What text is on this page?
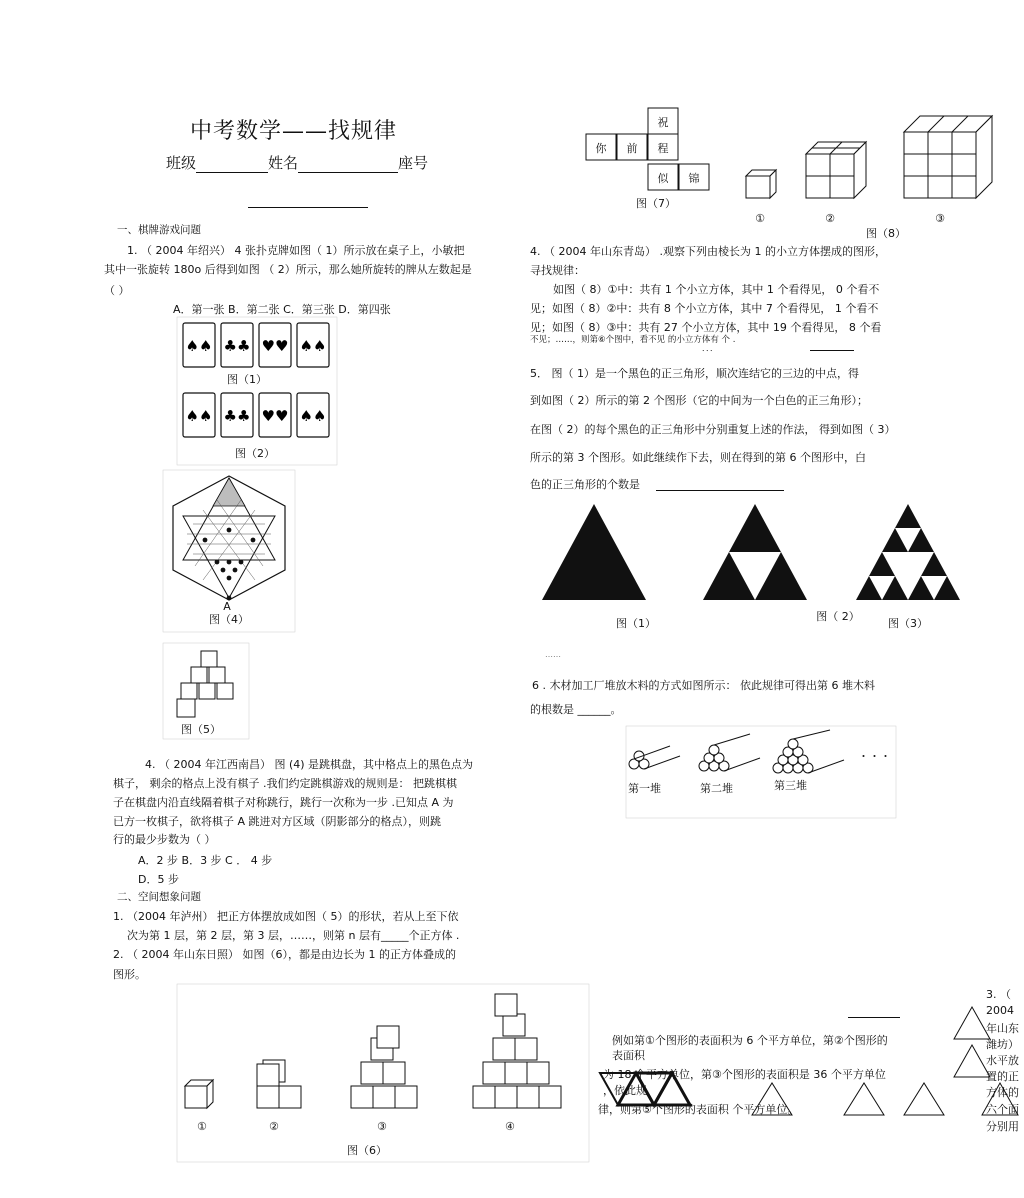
中考数学——找规律
班级	姓名	座号
一、棋牌游戏问题
1. （ 2004 年绍兴） 4 张扑克牌如图（ 1）所示放在桌子上，小敏把
其中一张旋转 180o 后得到如图 （ 2）所示，那么她所旋转的牌从左数起是
（ ）
A．第一张 B．第二张 C．第三张 D．第四张
♠♠ ♣♣ ♥♥ ♠♠
图（1）
♠♠ ♣♣ ♥♥ ♠♠
图（2）
A
图（4）
图（5）
4. （ 2004 年江西南昌） 图 (4) 是跳棋盘，其中格点上的黑色点为
棋子， 剩余的格点上没有棋子 .我们约定跳棋游戏的规则是： 把跳棋棋
子在棋盘内沿直线隔着棋子对称跳行，跳行一次称为一步 .已知点 A 为
已方一枚棋子，欲将棋子 A 跳进对方区域（阴影部分的格点），则跳
行的最少步数为（ ）
A．2 步 B．3 步 C ． 4 步
D．5 步
二、空间想象问题
1. （2004 年泸州） 把正方体摆放成如图（ 5）的形状，若从上至下依
次为第 1 层，第 2 层，第 3 层，……，则第 n 层有_____个正方体 .
2. （ 2004 年山东日照） 如图（6），都是由边长为 1 的正方体叠成的
图形。
①	②	③	④
图（6）
祝
你 前 程
似 锦
图（7）
①	②	③
图（8）
4. （ 2004 年山东青岛） .观察下列由棱长为 1 的小立方体摆成的图形，
寻找规律：
如图（ 8）①中：共有 1 个小立方体，其中 1 个看得见， 0 个看不
见；如图（ 8）②中：共有 8 个小立方体，其中 7 个看得见， 1 个看不
见；如图（ 8）③中：共有 27 个小立方体，其中 19 个看得见， 8 个看
不见；……，则第⑥个图中，看不见 的小立方体有 个 .
．．．
5． 图（ 1）是一个黑色的正三角形，顺次连结它的三边的中点，得
到如图（ 2）所示的第 2 个图形（它的中间为一个白色的正三角形）；
在图（ 2）的每个黑色的正三角形中分别重复上述的作法， 得到如图（ 3）
所示的第 3 个图形。如此继续作下去，则在得到的第 6 个图形中，白
色的正三角形的个数是
图（1）
图（ 2）
图（3）
……
6 . 木材加工厂堆放木料的方式如图所示： 依此规律可得出第 6 堆木料
的根数是 ______。
第一堆	第二堆	第三堆
・・・
例如第①个图形的表面积为 6 个平方单位，第②个图形的
表面积
为 18 个平方单位，第③个图形的表面积是 36 个平方单位
，依此规
律，则第⑤个图形的表面积 个平方单位。
3. （
2004
年山东
潍坊）
水平放
置的正
方体的
六个面
分别用
